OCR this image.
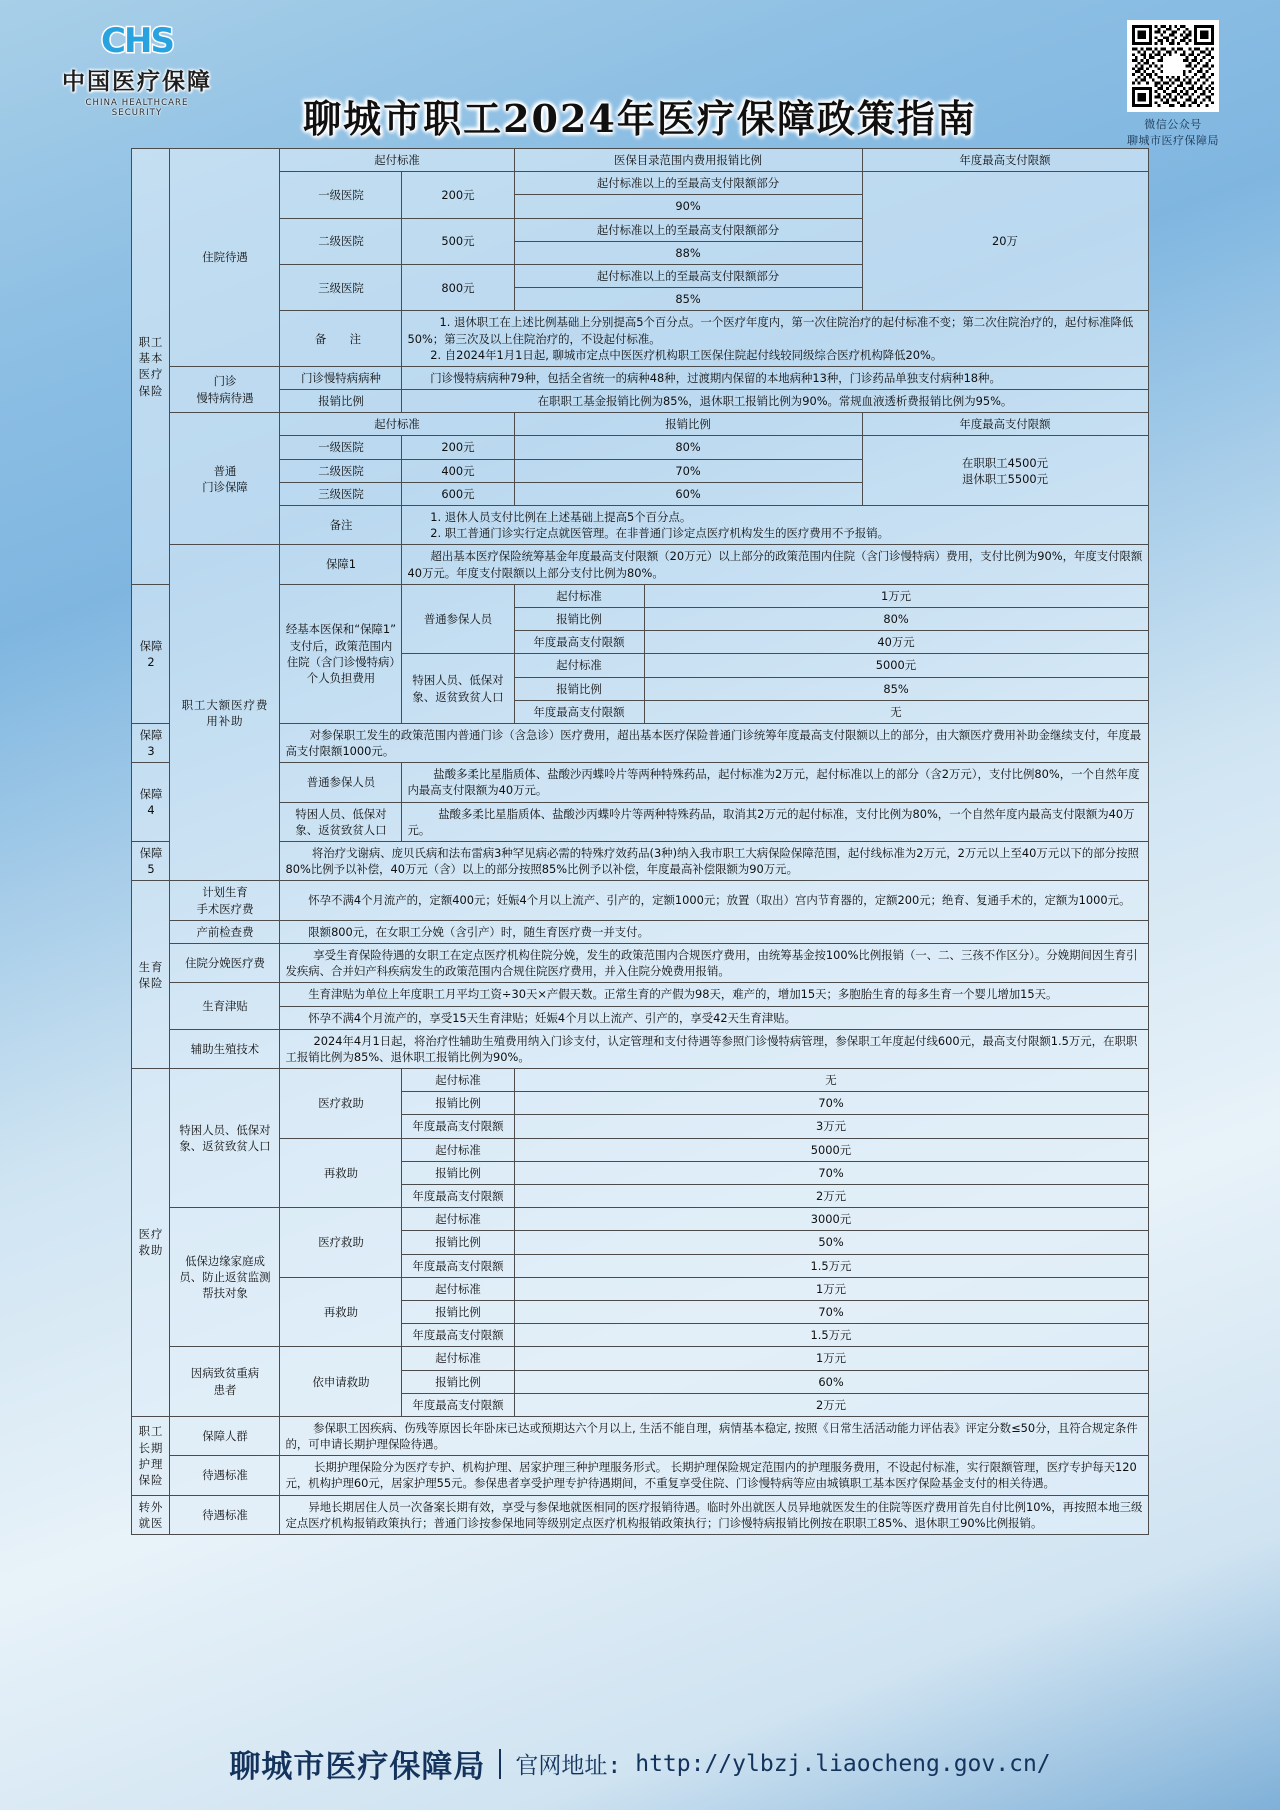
CHS
中国医疗保障
CHINA HEALTHCARE SECURITY	聊城市职工2024年医疗保障政策指南	微信公众号
聊城市医疗保障局
职工基本医疗保险	住院待遇	起付标准		医保目录范围内费用报销比例		年度最高支付限额
		一级医院	200元	起付标准以上的至最高支付限额部分		20万
				90%		
		二级医院	500元	起付标准以上的至最高支付限额部分		
				88%		
		三级医院	800元	起付标准以上的至最高支付限额部分		
				85%		
		备　注	1. 退休职工在上述比例基础上分别提高5个百分点。一个医疗年度内，第一次住院治疗的起付标准不变；第二次住院治疗的，起付标准降低50%；第三次及以上住院治疗的，不设起付标准。

2. 自2024年1月1日起, 聊城市定点中医医疗机构职工医保住院起付线较同级综合医疗机构降低20%。			

	门诊
慢特病待遇	门诊慢特病病种	门诊慢特病病种79种，包括全省统一的病种48种，过渡期内保留的本地病种13种，门诊药品单独支付病种18种。			
		报销比例	在职职工基金报销比例为85%，退休职工报销比例为90%。常规血液透析费报销比例为95%。			
	普通
门诊保障	起付标准		报销比例		年度最高支付限额
		一级医院	200元	80%		在职职工4500元
退休职工5500元
		二级医院	400元	70%		
		三级医院	600元	60%		
		备注	1. 退休人员支付比例在上述基础上提高5个百分点。

2. 职工普通门诊实行定点就医管理。在非普通门诊定点医疗机构发生的医疗费用不予报销。			

	职工大额医疗费用补助	保障1	超出基本医疗保险统筹基金年度最高支付限额（20万元）以上部分的政策范围内住院（含门诊慢特病）费用，支付比例为90%，年度支付限额40万元。年度支付限额以上部分支付比例为80%。			
保障2		经基本医保和“保障1”支付后，政策范围内住院（含门诊慢特病）个人负担费用	普通参保人员	起付标准	1万元	
				报销比例	80%	
				年度最高支付限额	40万元	
			特困人员、低保对象、返贫致贫人口	起付标准	5000元	
				报销比例	85%	
				年度最高支付限额	无	
保障3		对参保职工发生的政策范围内普通门诊（含急诊）医疗费用，超出基本医疗保险普通门诊统筹年度最高支付限额以上的部分，由大额医疗费用补助金继续支付，年度最高支付限额1000元。				
保障4		普通参保人员	盐酸多柔比星脂质体、盐酸沙丙蝶呤片等两种特殊药品，起付标准为2万元，起付标准以上的部分（含2万元），支付比例80%，一个自然年度内最高支付限额为40万元。			
		特困人员、低保对象、返贫致贫人口	盐酸多柔比星脂质体、盐酸沙丙蝶呤片等两种特殊药品，取消其2万元的起付标准，支付比例为80%，一个自然年度内最高支付限额为40万元。			
保障5		将治疗戈谢病、庞贝氏病和法布雷病3种罕见病必需的特殊疗效药品(3种)纳入我市职工大病保险保障范围，起付线标准为2万元，2万元以上至40万元以下的部分按照80%比例予以补偿，40万元（含）以上的部分按照85%比例予以补偿，年度最高补偿限额为90万元。				
生育保险	计划生育
手术医疗费	怀孕不满4个月流产的，定额400元；妊娠4个月以上流产、引产的，定额1000元；放置（取出）宫内节育器的，定额200元；绝育、复通手术的，定额为1000元。				
	产前检查费	限额800元，在女职工分娩（含引产）时，随生育医疗费一并支付。				
	住院分娩医疗费	享受生育保险待遇的女职工在定点医疗机构住院分娩，发生的政策范围内合规医疗费用，由统筹基金按100%比例报销（一、二、三孩不作区分）。分娩期间因生育引发疾病、合并妇产科疾病发生的政策范围内合规住院医疗费用，并入住院分娩费用报销。				
	生育津贴	生育津贴为单位上年度职工月平均工资÷30天×产假天数。正常生育的产假为98天，难产的，增加15天；多胞胎生育的每多生育一个婴儿增加15天。				
		怀孕不满4个月流产的，享受15天生育津贴；妊娠4个月以上流产、引产的，享受42天生育津贴。				
	辅助生殖技术	2024年4月1日起，将治疗性辅助生殖费用纳入门诊支付，认定管理和支付待遇等参照门诊慢特病管理，参保职工年度起付线600元，最高支付限额1.5万元，在职职工报销比例为85%、退休职工报销比例为90%。				
医疗救助	特困人员、低保对象、返贫致贫人口	医疗救助	起付标准	无		
			报销比例	70%		
			年度最高支付限额	3万元		
		再救助	起付标准	5000元		
			报销比例	70%		
			年度最高支付限额	2万元		
	低保边缘家庭成员、防止返贫监测帮扶对象	医疗救助	起付标准	3000元		
			报销比例	50%		
			年度最高支付限额	1.5万元		
		再救助	起付标准	1万元		
			报销比例	70%		
			年度最高支付限额	1.5万元		
	因病致贫重病
患者	依申请救助	起付标准	1万元		
			报销比例	60%		
			年度最高支付限额	2万元		
职工长期护理保险	保障人群	参保职工因疾病、伤残等原因长年卧床已达或预期达六个月以上, 生活不能自理，病情基本稳定, 按照《日常生活活动能力评估表》评定分数≤50分，且符合规定条件的，可申请长期护理保险待遇。				
	待遇标准	长期护理保险分为医疗专护、机构护理、居家护理三种护理服务形式。 长期护理保险规定范围内的护理服务费用，不设起付标准，实行限额管理，医疗专护每天120元，机构护理60元，居家护理55元。参保患者享受护理专护待遇期间，不重复享受住院、门诊慢特病等应由城镇职工基本医疗保险基金支付的相关待遇。				
转外就医	待遇标准	异地长期居住人员一次备案长期有效，享受与参保地就医相同的医疗报销待遇。临时外出就医人员异地就医发生的住院等医疗费用首先自付比例10%，再按照本地三级定点医疗机构报销政策执行；普通门诊按参保地同等级别定点医疗机构报销政策执行；门诊慢特病报销比例按在职职工85%、退休职工90%比例报销。				
聊城市医疗保障局 官网地址: http://ylbzj.liaocheng.gov.cn/
